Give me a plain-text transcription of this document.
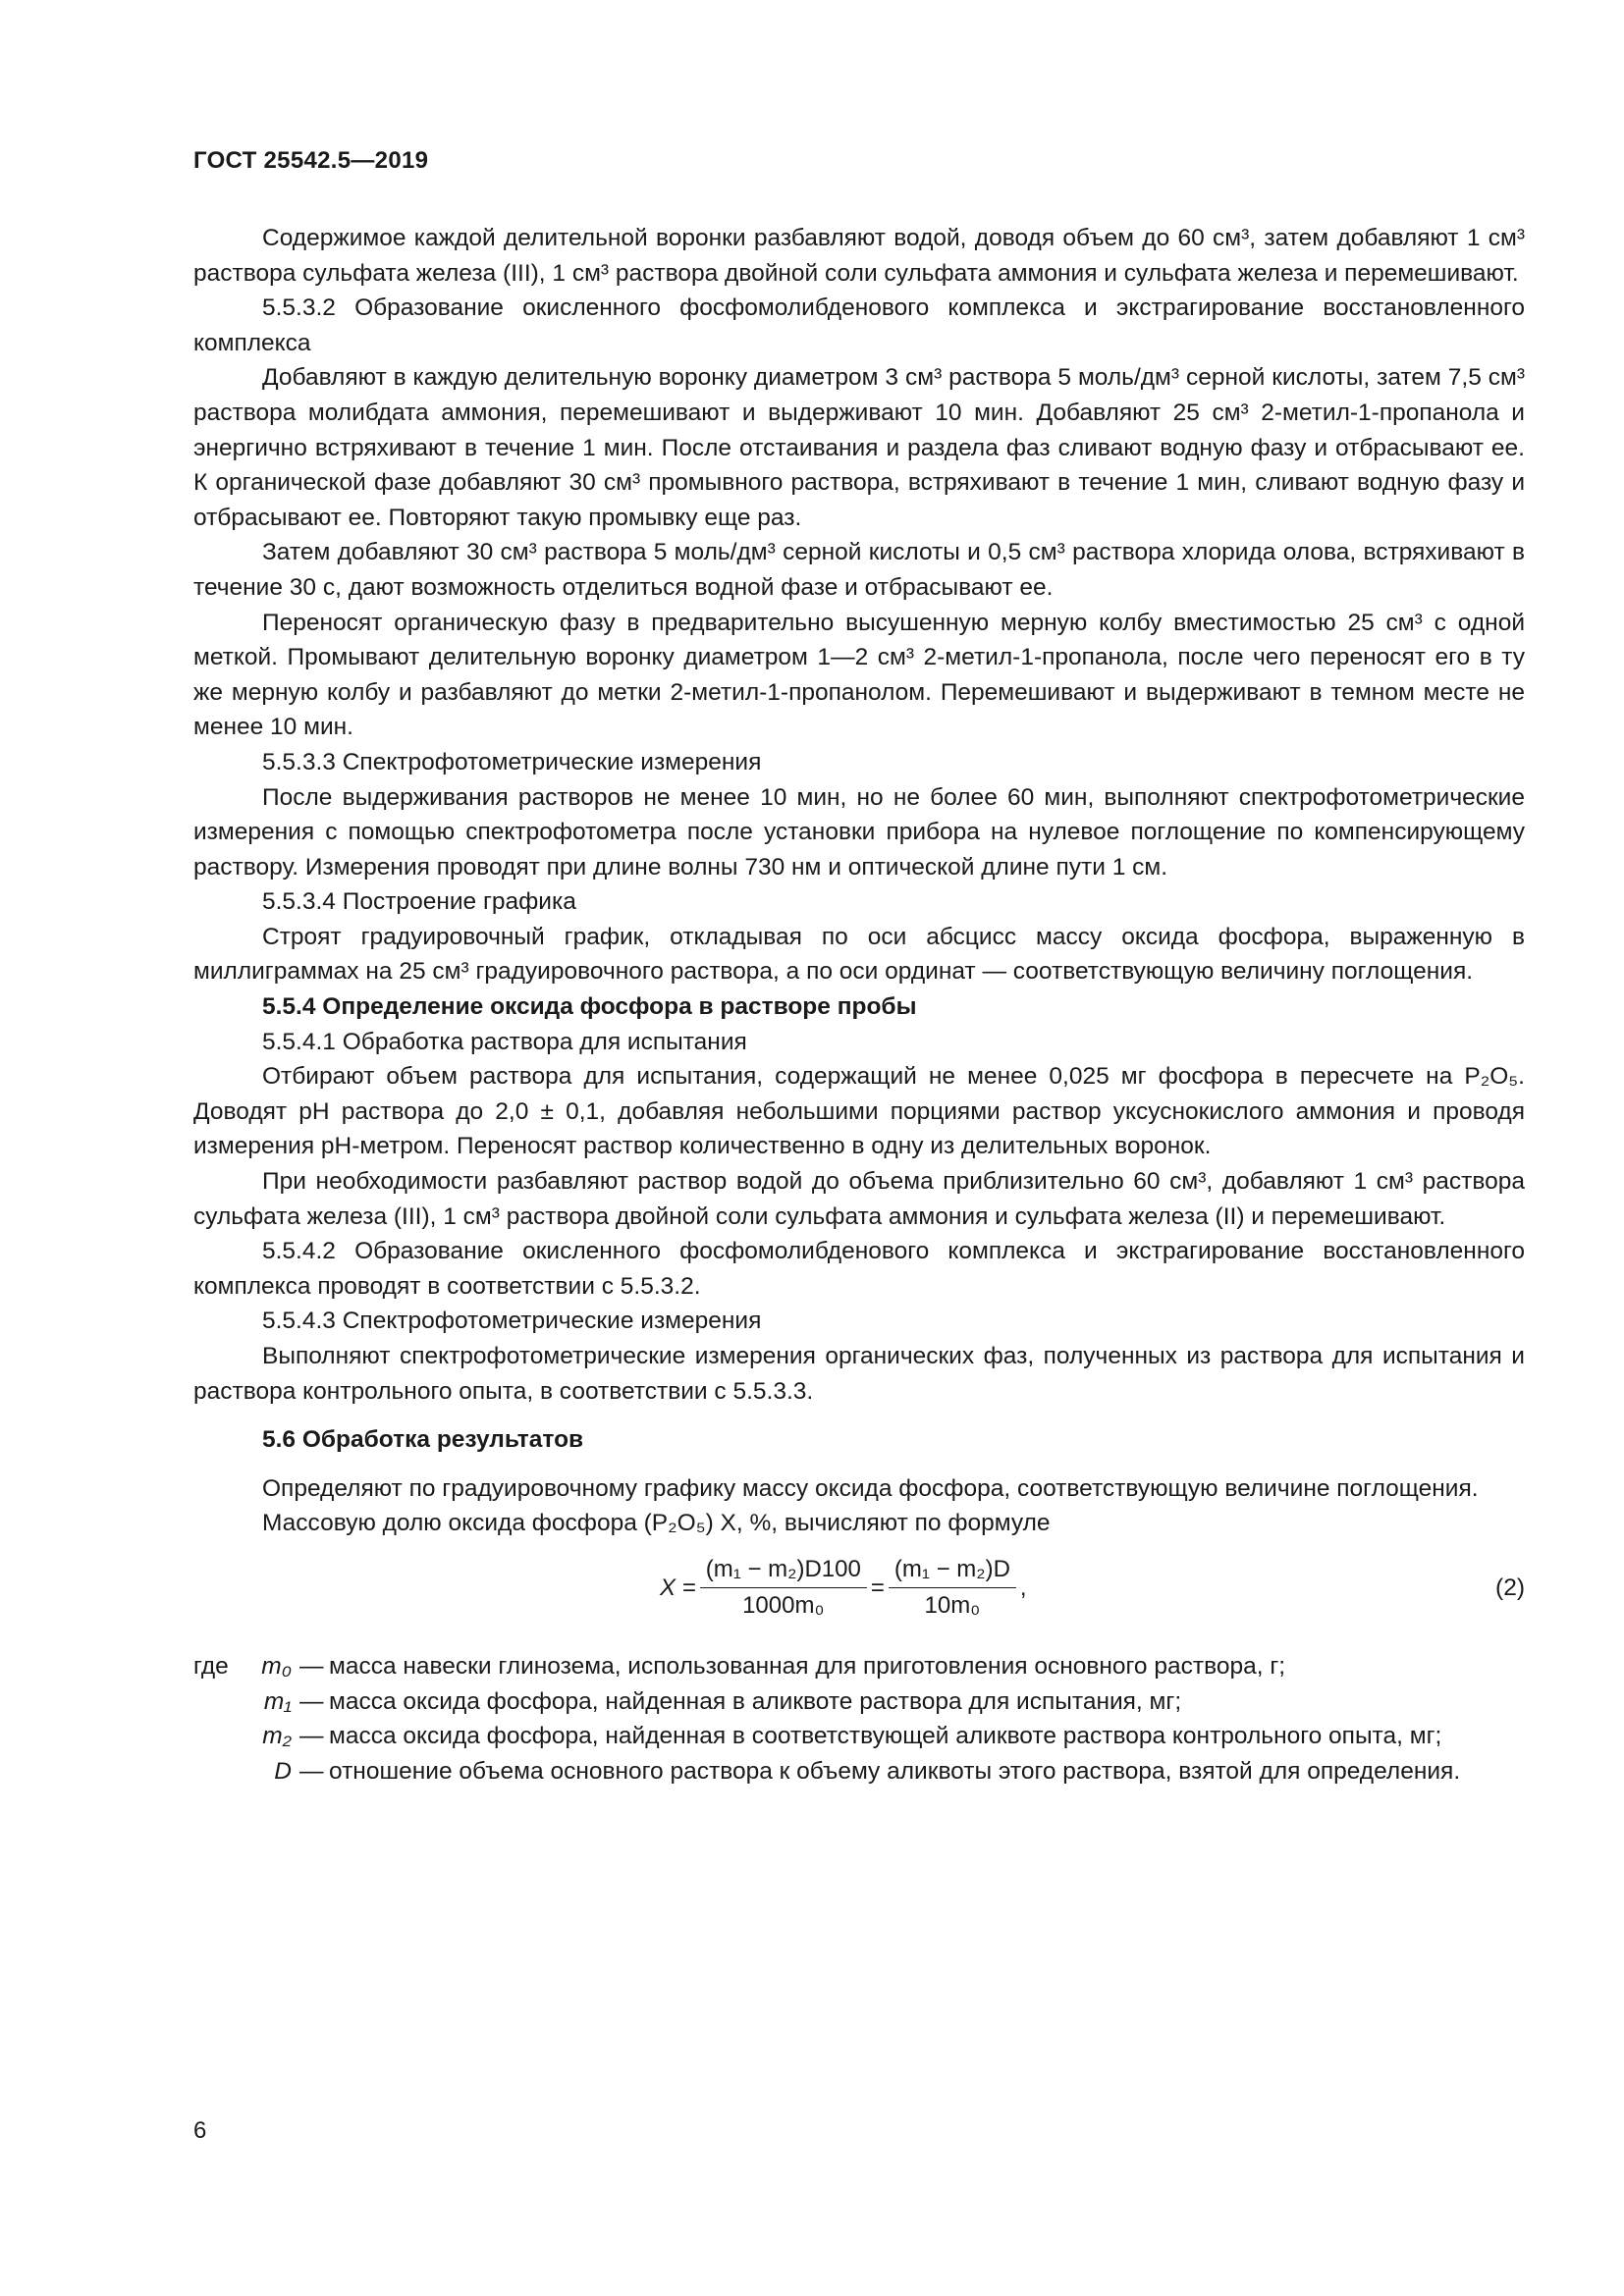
ГОСТ 25542.5—2019

Содержимое каждой делительной воронки разбавляют водой, доводя объем до 60 см³, затем добавляют 1 см³ раствора сульфата железа (III), 1 см³ раствора двойной соли сульфата аммония и сульфата железа и перемешивают.

5.5.3.2 Образование окисленного фосфомолибденового комплекса и экстрагирование восстановленного комплекса

Добавляют в каждую делительную воронку диаметром 3 см³ раствора 5 моль/дм³ серной кислоты, затем 7,5 см³ раствора молибдата аммония, перемешивают и выдерживают 10 мин. Добавляют 25 см³ 2-метил-1-пропанола и энергично встряхивают в течение 1 мин. После отстаивания и раздела фаз сливают водную фазу и отбрасывают ее. К органической фазе добавляют 30 см³ промывного раствора, встряхивают в течение 1 мин, сливают водную фазу и отбрасывают ее. Повторяют такую промывку еще раз.

Затем добавляют 30 см³ раствора 5 моль/дм³ серной кислоты и 0,5 см³ раствора хлорида олова, встряхивают в течение 30 с, дают возможность отделиться водной фазе и отбрасывают ее.

Переносят органическую фазу в предварительно высушенную мерную колбу вместимостью 25 см³ с одной меткой. Промывают делительную воронку диаметром 1—2 см³ 2-метил-1-пропанола, после чего переносят его в ту же мерную колбу и разбавляют до метки 2-метил-1-пропанолом. Перемешивают и выдерживают в темном месте не менее 10 мин.

5.5.3.3 Спектрофотометрические измерения

После выдерживания растворов не менее 10 мин, но не более 60 мин, выполняют спектрофотометрические измерения с помощью спектрофотометра после установки прибора на нулевое поглощение по компенсирующему раствору. Измерения проводят при длине волны 730 нм и оптической длине пути 1 см.

5.5.3.4 Построение графика

Строят градуировочный график, откладывая по оси абсцисс массу оксида фосфора, выраженную в миллиграммах на 25 см³ градуировочного раствора, а по оси ординат — соответствующую величину поглощения.

5.5.4 Определение оксида фосфора в растворе пробы

5.5.4.1 Обработка раствора для испытания

Отбирают объем раствора для испытания, содержащий не менее 0,025 мг фосфора в пересчете на P₂O₅. Доводят pH раствора до 2,0 ± 0,1, добавляя небольшими порциями раствор уксуснокислого аммония и проводя измерения pH-метром. Переносят раствор количественно в одну из делительных воронок.

При необходимости разбавляют раствор водой до объема приблизительно 60 см³, добавляют 1 см³ раствора сульфата железа (III), 1 см³ раствора двойной соли сульфата аммония и сульфата железа (II) и перемешивают.

5.5.4.2 Образование окисленного фосфомолибденового комплекса и экстрагирование восстановленного комплекса проводят в соответствии с 5.5.3.2.

5.5.4.3 Спектрофотометрические измерения

Выполняют спектрофотометрические измерения органических фаз, полученных из раствора для испытания и раствора контрольного опыта, в соответствии с 5.5.3.3.

5.6 Обработка результатов

Определяют по градуировочному графику массу оксида фосфора, соответствующую величине поглощения.

Массовую долю оксида фосфора (P₂O₅) X, %, вычисляют по формуле

$X = \frac{\text{(m₁ − m₂)D100}}{\text{1000m₀}} = \frac{\text{(m₁ − m₂)D}}{\text{10m₀}}$ ,	(2)
где	m₀ — масса навески глинозема, использованная для приготовления основного раствора, г;
m₁ — масса оксида фосфора, найденная в аликвоте раствора для испытания, мг;
m₂ — масса оксида фосфора, найденная в соответствующей аликвоте раствора контрольного опыта, мг;
D — отношение объема основного раствора к объему аликвоты этого раствора, взятой для определения.
6
